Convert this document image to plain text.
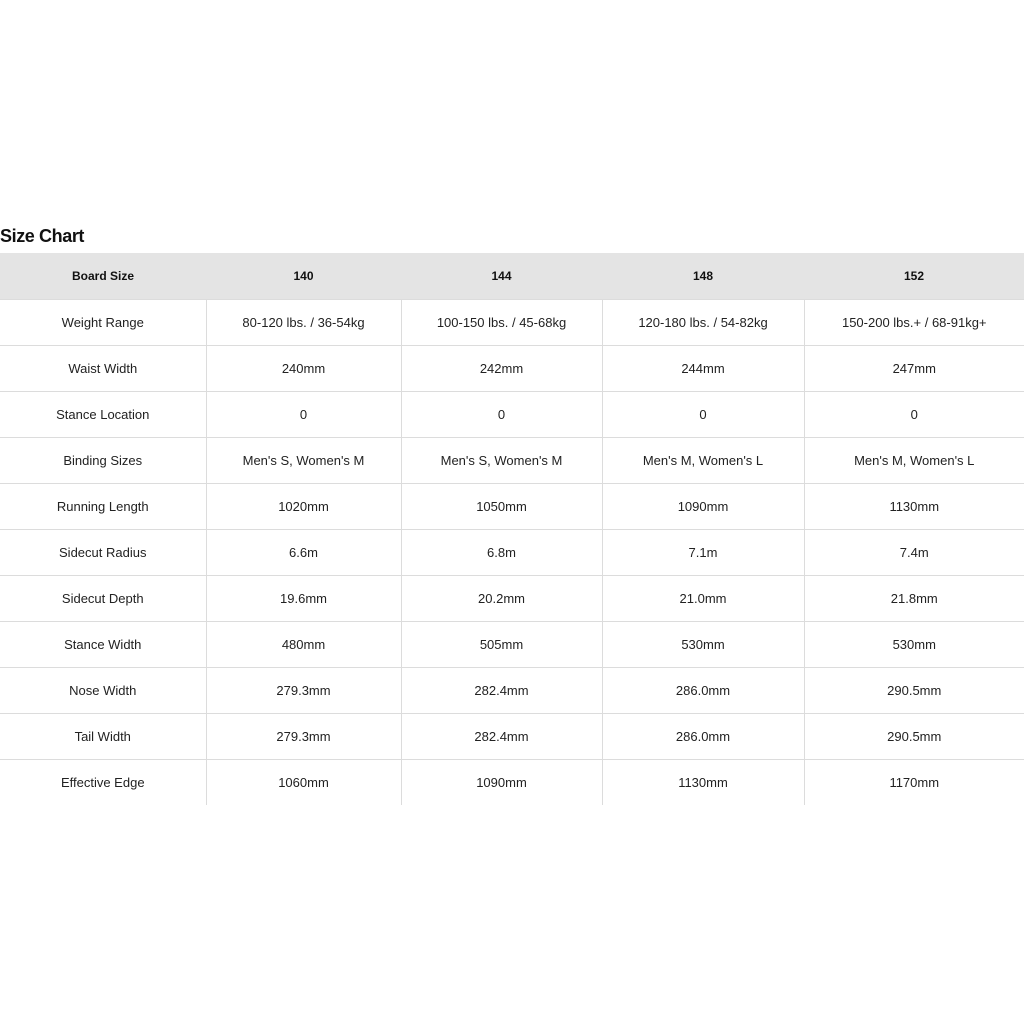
Size Chart
Board Size	140	144	148	152
Weight Range	80-120 lbs. / 36-54kg	100-150 lbs. / 45-68kg	120-180 lbs. / 54-82kg	150-200 lbs.+ / 68-91kg+
Waist Width	240mm	242mm	244mm	247mm
Stance Location	0	0	0	0
Binding Sizes	Men's S, Women's M	Men's S, Women's M	Men's M, Women's L	Men's M, Women's L
Running Length	1020mm	1050mm	1090mm	1130mm
Sidecut Radius	6.6m	6.8m	7.1m	7.4m
Sidecut Depth	19.6mm	20.2mm	21.0mm	21.8mm
Stance Width	480mm	505mm	530mm	530mm
Nose Width	279.3mm	282.4mm	286.0mm	290.5mm
Tail Width	279.3mm	282.4mm	286.0mm	290.5mm
Effective Edge	1060mm	1090mm	1130mm	1170mm
